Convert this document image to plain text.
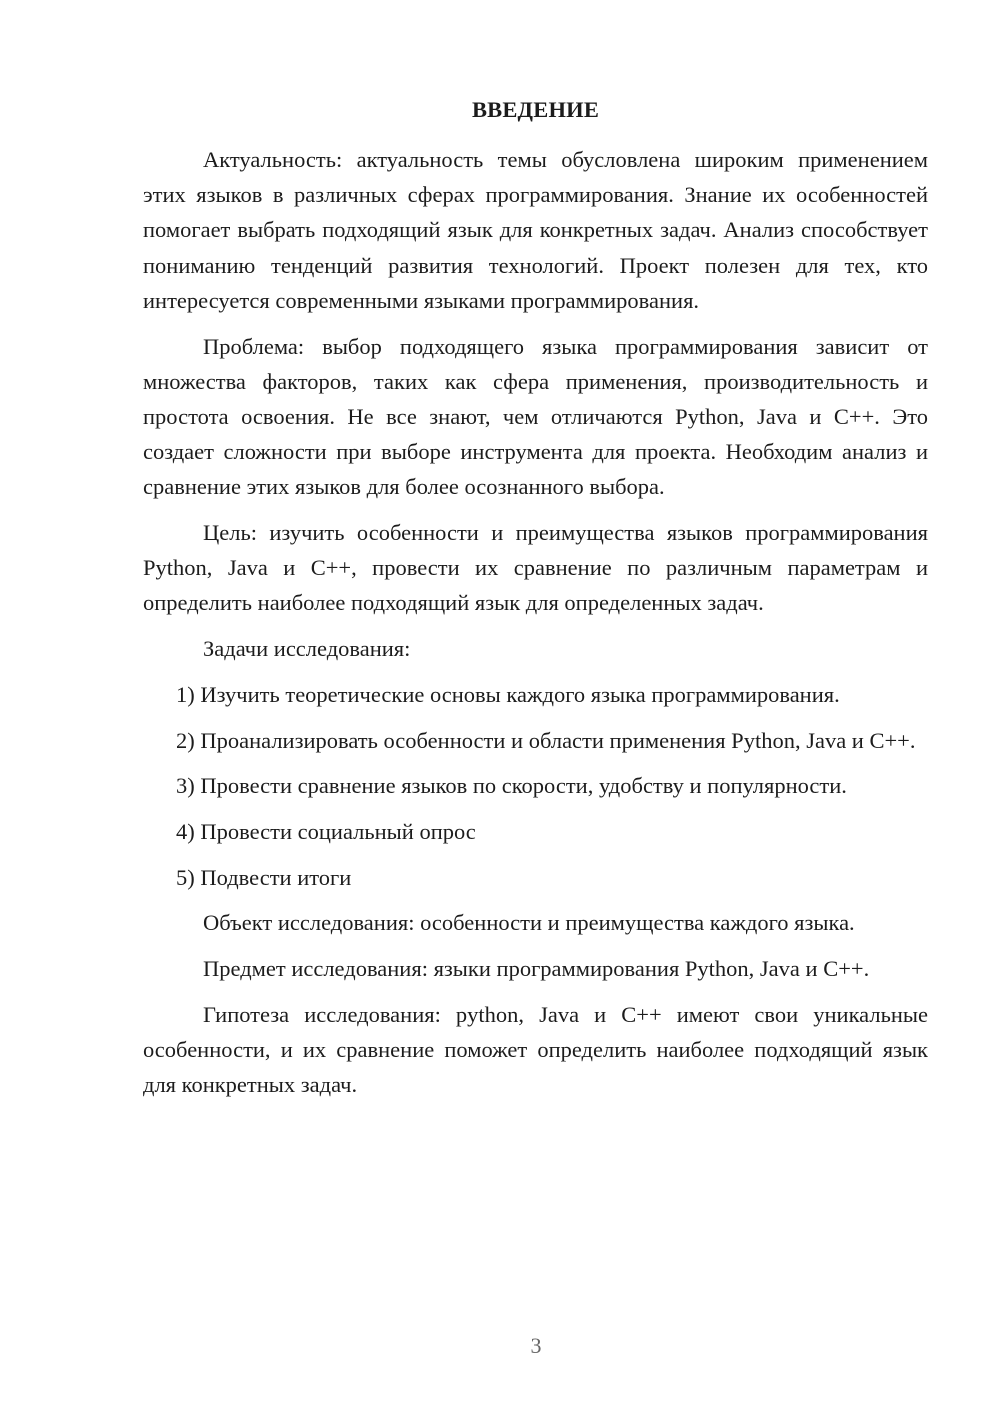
ВВЕДЕНИЕ

Актуальность: актуальность темы обусловлена широким применением этих языков в различных сферах программирования. Знание их особенностей помогает выбрать подходящий язык для конкретных задач. Анализ способствует пониманию тенденций развития технологий. Проект полезен для тех, кто интересуется современными языками программирования.

Проблема: выбор подходящего языка программирования зависит от множества факторов, таких как сфера применения, производительность и простота освоения. Не все знают, чем отличаются Python, Java и C++. Это создает сложности при выборе инструмента для проекта. Необходим анализ и сравнение этих языков для более осознанного выбора.

Цель: изучить особенности и преимущества языков программирования Python, Java и C++, провести их сравнение по различным параметрам и определить наиболее подходящий язык для определенных задач.

Задачи исследования:

1) Изучить теоретические основы каждого языка программирования.

2) Проанализировать особенности и области применения Python, Java и C++.

3) Провести сравнение языков по скорости, удобству и популярности.

4) Провести социальный опрос

5) Подвести итоги

Объект исследования: особенности и преимущества каждого языка.

Предмет исследования: языки программирования Python, Java и C++.

Гипотеза исследования: python, Java и C++ имеют свои уникальные особенности, и их сравнение поможет определить наиболее подходящий язык для конкретных задач.

3
